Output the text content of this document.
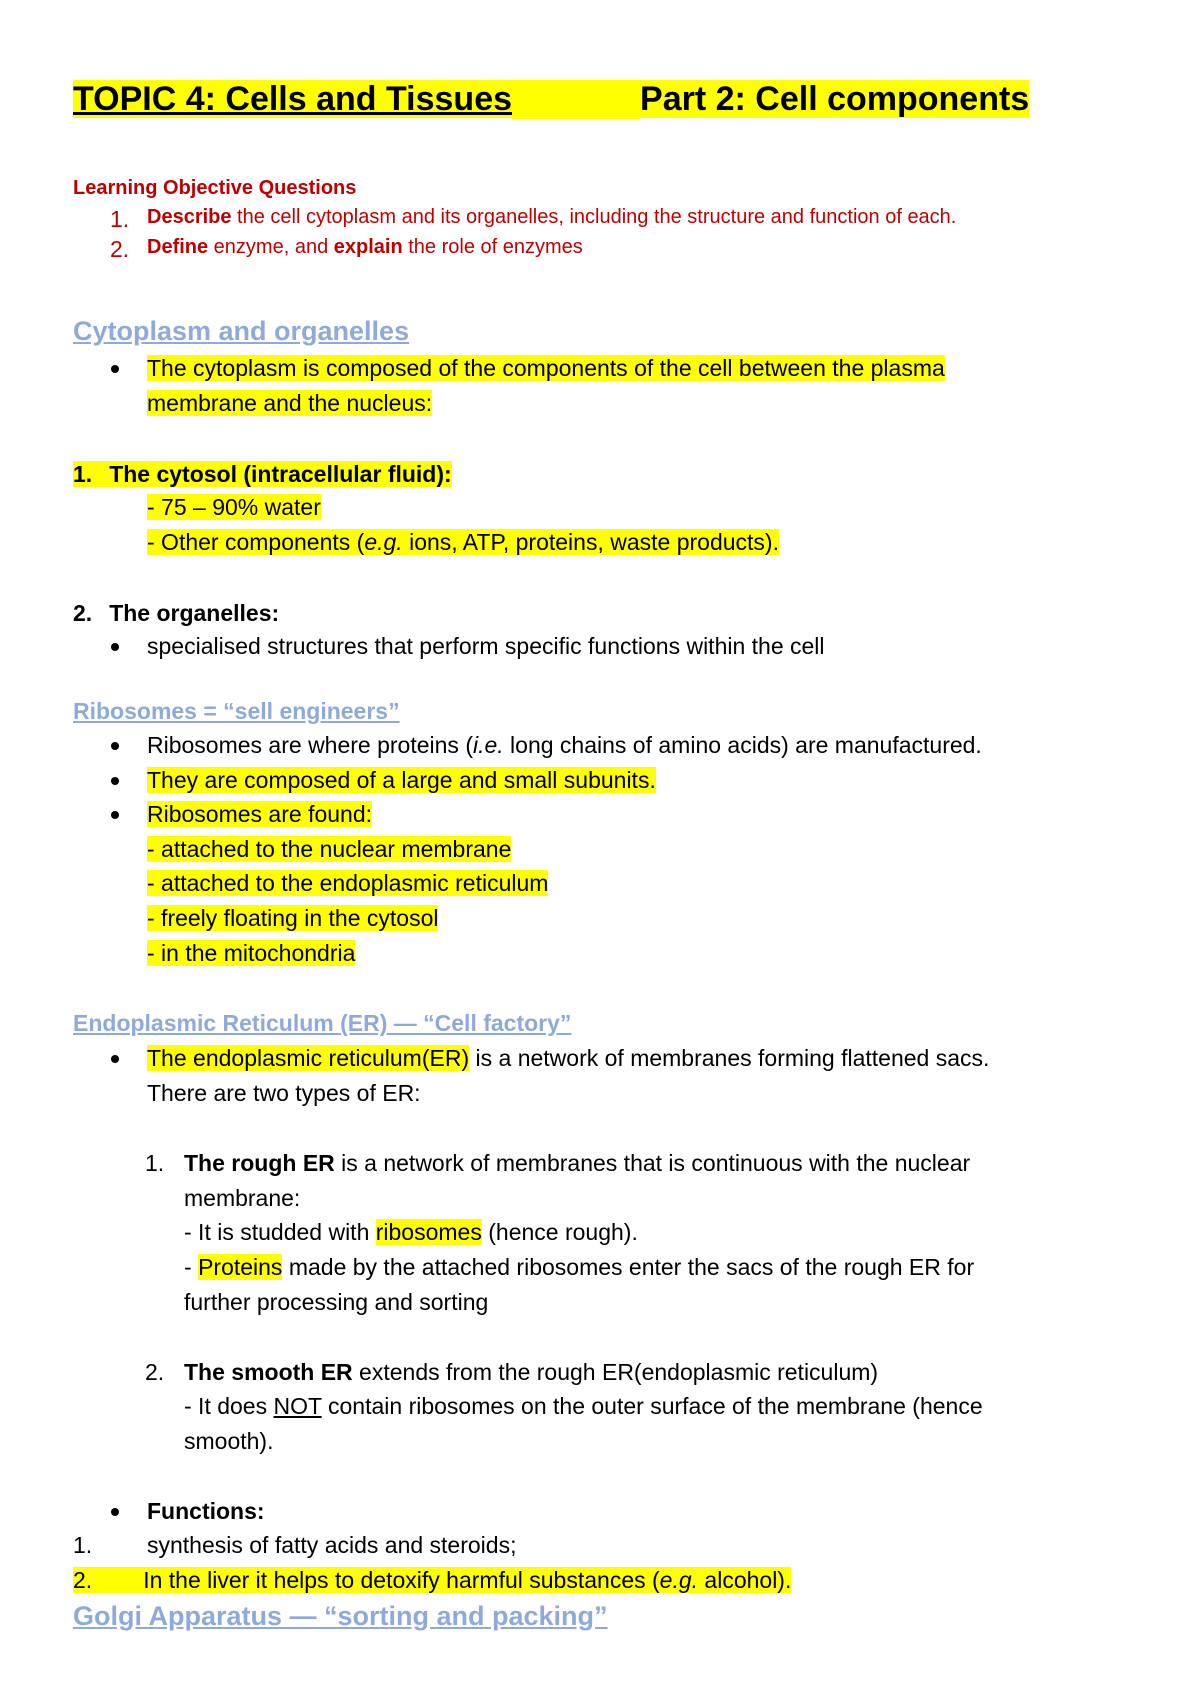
TOPIC 4: Cells and Tissues	Part 2: Cell components
Learning Objective Questions
1. Describe the cell cytoplasm and its organelles, including the structure and function of each.
2. Define enzyme, and explain the role of enzymes
Cytoplasm and organelles
The cytoplasm is composed of the components of the cell between the plasma
membrane and the nucleus:
1. The cytosol (intracellular fluid):
- 75 – 90% water
- Other components (e.g. ions, ATP, proteins, waste products).
2. The organelles:
specialised structures that perform specific functions within the cell
Ribosomes = “sell engineers”
Ribosomes are where proteins (i.e. long chains of amino acids) are manufactured.
They are composed of a large and small subunits.
Ribosomes are found:
- attached to the nuclear membrane
- attached to the endoplasmic reticulum
- freely floating in the cytosol
- in the mitochondria
Endoplasmic Reticulum (ER) — “Cell factory”
The endoplasmic reticulum(ER) is a network of membranes forming flattened sacs.
There are two types of ER:
1. The rough ER is a network of membranes that is continuous with the nuclear
membrane:
- It is studded with ribosomes (hence rough).
- Proteins made by the attached ribosomes enter the sacs of the rough ER for
further processing and sorting
2. The smooth ER extends from the rough ER(endoplasmic reticulum)
- It does NOT contain ribosomes on the outer surface of the membrane (hence
smooth).
Functions:
1. synthesis of fatty acids and steroids;
2. In the liver it helps to detoxify harmful substances (e.g. alcohol).
Golgi Apparatus — “sorting and packing”
